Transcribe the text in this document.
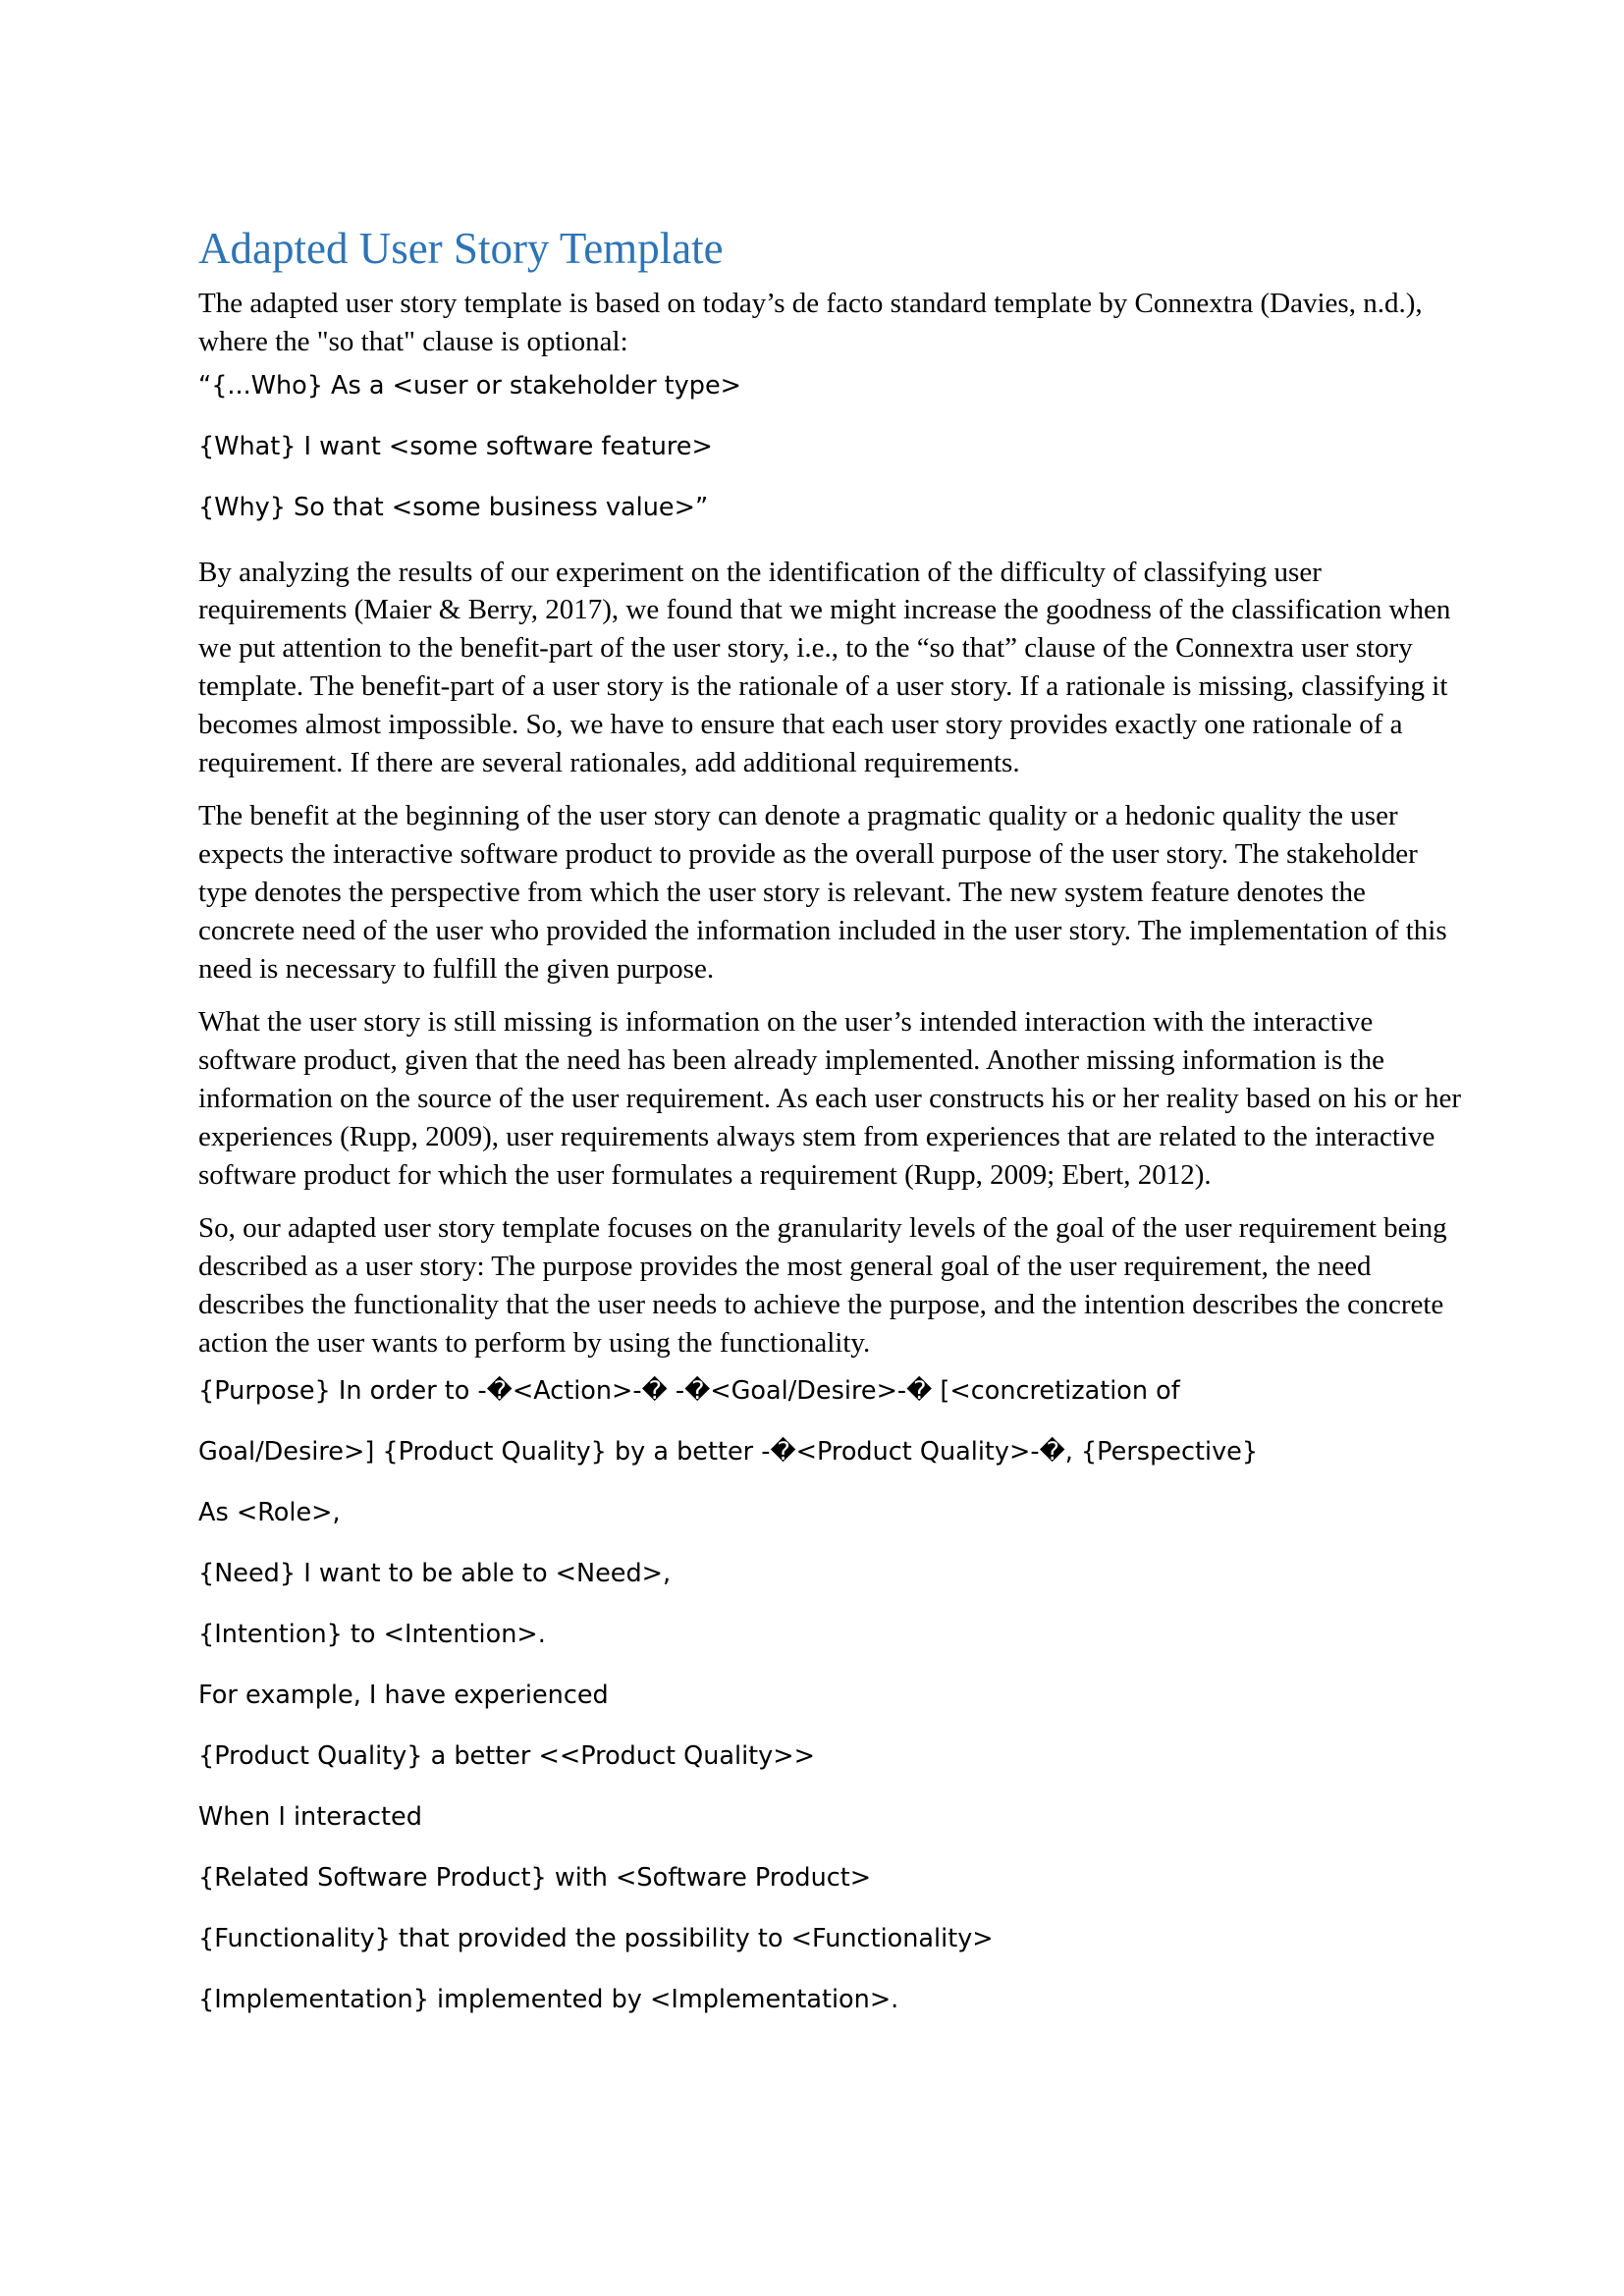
Adapted User Story Template

The adapted user story template is based on today’s de facto standard template by Connextra (Davies, n.d.), where the "so that" clause is optional:

“{...Who} As a <user or stakeholder type>

{What} I want <some software feature>

{Why} So that <some business value>”

By analyzing the results of our experiment on the identification of the difficulty of classifying user requirements (Maier & Berry, 2017), we found that we might increase the goodness of the classification when we put attention to the benefit-part of the user story, i.e., to the “so that” clause of the Connextra user story template. The benefit-part of a user story is the rationale of a user story. If a rationale is missing, classifying it becomes almost impossible. So, we have to ensure that each user story provides exactly one rationale of a requirement. If there are several rationales, add additional requirements.

The benefit at the beginning of the user story can denote a pragmatic quality or a hedonic quality the user expects the interactive software product to provide as the overall purpose of the user story. The stakeholder type denotes the perspective from which the user story is relevant. The new system feature denotes the concrete need of the user who provided the information included in the user story. The implementation of this need is necessary to fulfill the given purpose.

What the user story is still missing is information on the user’s intended interaction with the interactive software product, given that the need has been already implemented. Another missing information is the information on the source of the user requirement. As each user constructs his or her reality based on his or her experiences (Rupp, 2009), user requirements always stem from experiences that are related to the interactive software product for which the user formulates a requirement (Rupp, 2009; Ebert, 2012).

So, our adapted user story template focuses on the granularity levels of the goal of the user requirement being described as a user story: The purpose provides the most general goal of the user requirement, the need describes the functionality that the user needs to achieve the purpose, and the intention describes the concrete action the user wants to perform by using the functionality.

{Purpose} In order to -�<Action>-� -�<Goal/Desire>-� [<concretization of

Goal/Desire>] {Product Quality} by a better -�<Product Quality>-�, {Perspective}

As <Role>,

{Need} I want to be able to <Need>,

{Intention} to <Intention>.

For example, I have experienced

{Product Quality} a better <<Product Quality>>

When I interacted

{Related Software Product} with <Software Product>

{Functionality} that provided the possibility to <Functionality>

{Implementation} implemented by <Implementation>.
